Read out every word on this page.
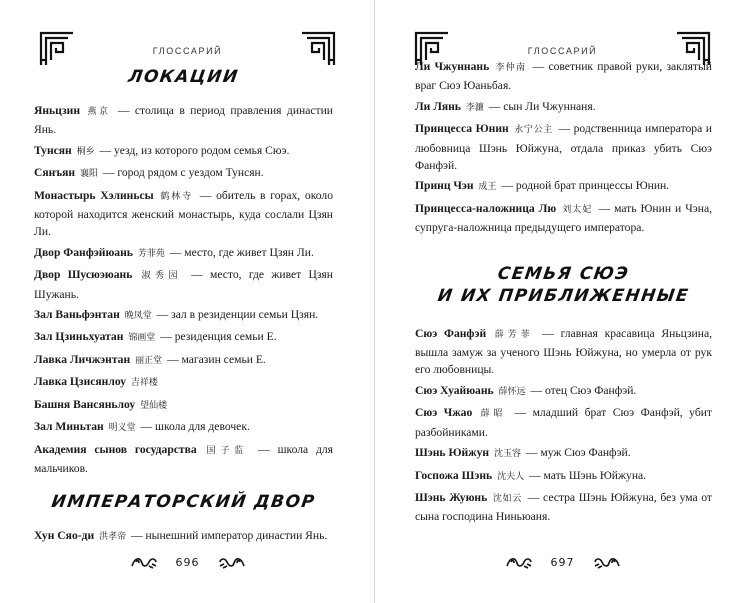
ГЛОССАРИЙ
ЛОКАЦИИ
Яньцзин 燕京 — столица в период правления династии Янь.
Тунсян 桐乡 — уезд, из которого родом семья Сюэ.
Сянъян 襄阳 — город рядом с уездом Тунсян.
Монастырь Хэлиньсы 鹤林寺 — обитель в горах, около которой находится женский монастырь, куда сослали Цзян Ли.
Двор Фанфэйюань 芳菲苑 — место, где живет Цзян Ли.
Двор Шусюэюань 淑秀园 — место, где живет Цзян Шужань.
Зал Ваньфэнтан 晚凤堂 — зал в резиденции семьи Цзян.
Зал Цзиньхуатан 锦画堂 — резиденция семьи Е.
Лавка Личжэнтан 丽正堂 — магазин семьи Е.
Лавка Цзисянлоу 吉祥楼
Башня Вансяньлоу 望仙楼
Зал Миньтан 明义堂 — школа для девочек.
Академия сынов государства 国子监 — школа для мальчиков.
ИМПЕРАТОРСКИЙ ДВОР
Хун Сяо-ди 洪孝帝 — нынешний император династии Янь.
696
ГЛОССАРИЙ
Ли Чжуннань 李仲南 — советник правой руки, заклятый враг Сюэ Юаньбая.
Ли Лянь 李濂 — сын Ли Чжуннаня.
Принцесса Юнин 永宁公主 — родственница императора и любовница Шэнь Юйжуна, отдала приказ убить Сюэ Фанфэй.
Принц Чэн 成王 — родной брат принцессы Юнин.
Принцесса-наложница Лю 刘太妃 — мать Юнин и Чэна, супруга-наложница предыдущего императора.
СЕМЬЯ СЮЭ
И ИХ ПРИБЛИЖЕННЫЕ
Сюэ Фанфэй 薛芳菲 — главная красавица Яньцзина, вышла замуж за ученого Шэнь Юйжуна, но умерла от рук его любовницы.
Сюэ Хуайюань 薛怀远 — отец Сюэ Фанфэй.
Сюэ Чжао 薛昭 — младший брат Сюэ Фанфэй, убит разбойниками.
Шэнь Юйжун 沈玉容 — муж Сюэ Фанфэй.
Госпожа Шэнь 沈夫人 — мать Шэнь Юйжуна.
Шэнь Жуюнь 沈如云 — сестра Шэнь Юйжуна, без ума от сына господина Ниньюаня.
697
